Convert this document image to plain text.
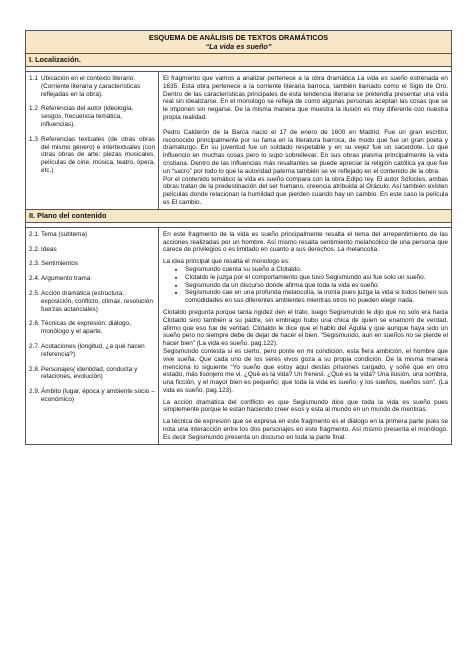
ESQUEMA DE ANÁLISIS DE TEXTOS DRAMÁTICOS
“La vida es sueño”
I. Localización.
1.1 Ubicación en el contexto literario. (Corriente literaria y características reflejadas en la obra).
1.2 Referencias del autor (ideología, sesgos, frecuencia temática, influencias).
1.3 Referencias textuales (de otras obras del mismo género) e intertextuales (con otras obras de arte: piezas musicales, películas de cine, música, teatro, ópera, etc.)

El fragmento que vamos a analizar pertenece a la obra dramática La vida es sueño estrenada en 1635. Esta obra pertenece a la corriente literaria barroca, también llamado como el Siglo de Oro. Dentro de las características principales de esta tendencia literaria se pretendía presentar una vida real sin idealizarse. En el monologo se refleja de como algunas personas aceptan las cosas que se le imponen sin negarse. De la misma manera que muestra la ilusión es muy diferente con nuestra propia realidad.

Pedro Calderón de la Barca nació el 17 de enero de 1600 en Madrid. Fue un gran escritor, reconocido principalmente por su fama en la literatura barroca, de modo que fue un gran poeta y dramaturgo. En su juventud fue un soldado respetable y en su vejez fue un sacerdote. Lo que influencio en muchas cosas pero lo supo sobrellevar. En sus obras plasma principalmente la vida cristiana. Dentro de las influencias más resaltantes se puede apreciar la religión católica ya que fue un “sacro” por todo lo que la autoridad paterna también se ve reflejado en el contenido de la obra.

Por el contenido temático la vida es sueño compara con la obra Edipo rey. El autor Sófocles, ambas obras tratan de la predestinación del ser humano, creencia atribuida al Oráculo. Así también existen películas donde relacionan la humildad que pierden cuando hay un cambio. En este caso la película es El cambio.

II. Plano del contenido
2.1. Tema (subtema)
2.2. Ideas
2.3. Sentimientos
2.4. Argumento trama
2.5. Acción dramática (estructura: exposición, conflicto, clímax, resolución fuerzas actanciales)
2.6. Técnicas de expresión: diálogo, monólogo y el aparte.
2.7. Acotaciones (longitud, ¿a qué hacen referencia?)
2.8. Personajes( identidad, conducta y relaciones, evolución)
2.9. Ámbito (lugar, época y ambiente socio – económico)

En este fragmento de la vida es sueño principalmente resalta el tema del arrepentimiento de las acciones realizadas por un hombre. Así mismo resalta sentimiento melancólico de una persona que carece de privilegios o es limitado en cuanto a sus derechos. La melancolía.

La idea principal que resalta el monologo es:

• Segismundo cuenta su sueño a Clotaldo.
• Clotaldo le juzga por el comportamiento que tuvo Segismundo así fue solo un sueño.
• Segismundo da un discurso donde afirma que toda la vida es sueño.
• Segismundo cae en una profunda melancolía, la ironía pues juzga la vida si todos tienen sus comodidades en sus diferentes ambientes mientras otros no pueden elegir nada.

Clotaldo pregunta porque tanta rigidez den el trato, luego Segismundo le dijo que no solo era hacia Clotaldo sino también a su padre, sin embrago hubo una chica de quien se enamoró de verdad, afirmo que eso fue de verdad. Clotaldo le dice que el hablo del Águila y que aunque haya sido un sueño pero no siempre debe de dejar de hacer el bien. “Segismundo, aun en sueños no se pierde el hacer bien” (La vida es sueño. pag.122).

Segismundo contesta si es cierto, pero ponte en mi condición, esta fiera ambición, el hombre que vive sueña. Que cada uno de los seres vivos goza a su propia condición. De la misma manera menciona lo siguiente “Yo sueño que estoy aquí destas prisiones cargado, y soñé que en otro estado, más lisonjero me vi. ¿Qué es la vida? Un frenesí. ¿Qué es la vida? Una ilusión, una sombra, una ficción, y el mayor bien es pequeño; que toda la vida es sueño, y los sueños, sueños son”. (La vida es sueño. pag.123).

La acción dramática del conflicto es que Segismundo dice que toda la vida es sueño pues simplemente porque le están haciendo creer esos y esta al mundo en un mundo de mentiras.

La técnica de expresión que se expresa en este fragmento es el dialogo en la primera parte pues se nota una interacción entre los dos personajes en este fragmento. Así mismo presenta el monólogo. Es decir Segismundo presenta un discurso en toda la parte final.
